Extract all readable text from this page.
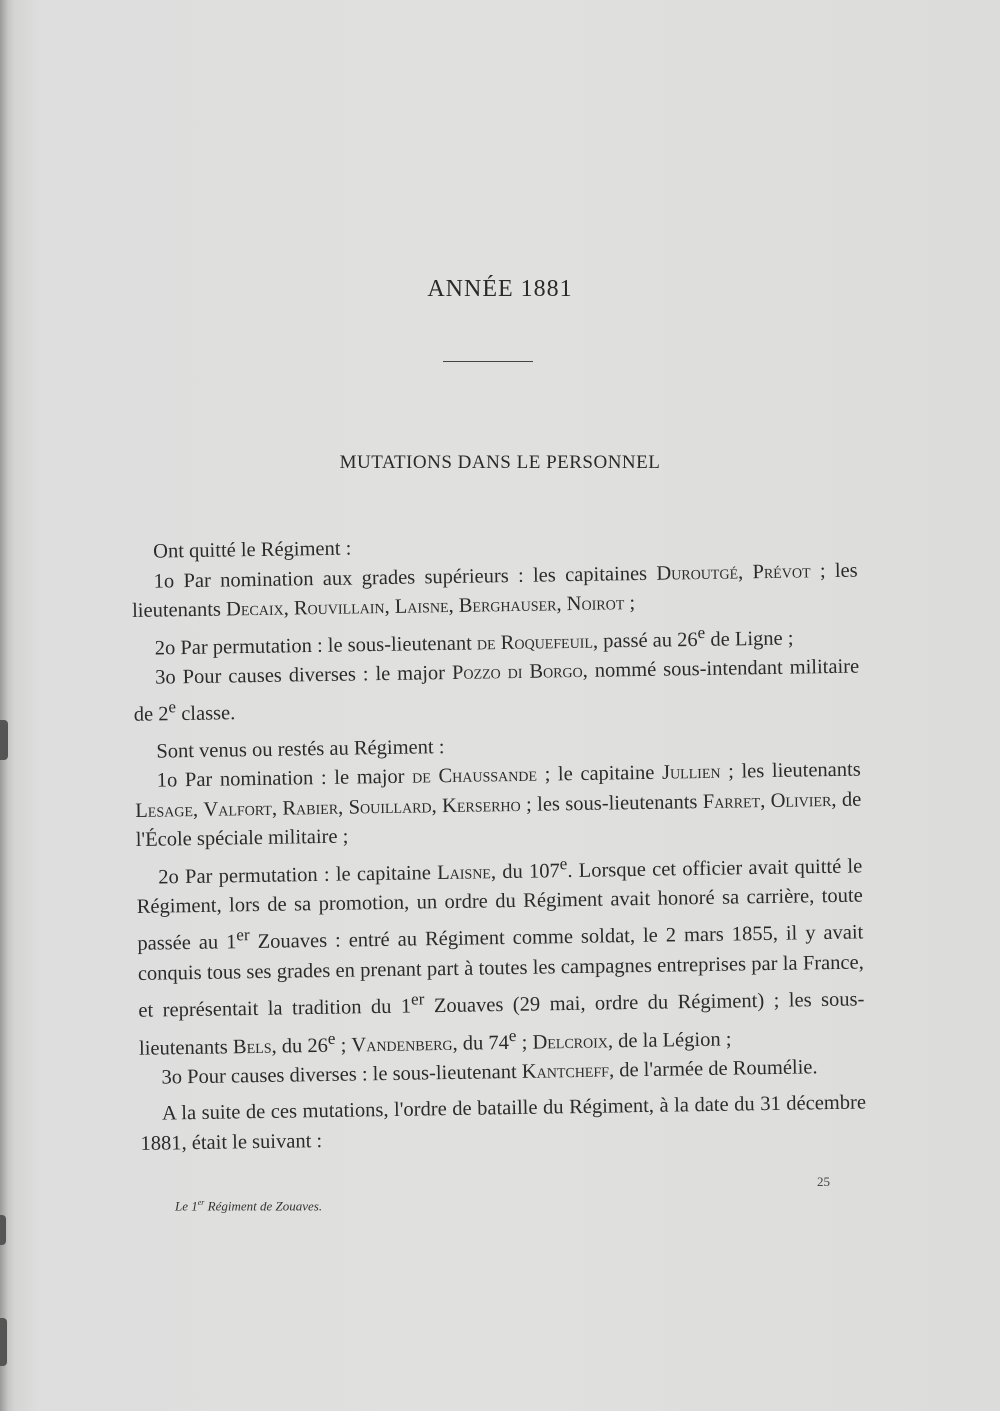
ANNÉE 1881
MUTATIONS DANS LE PERSONNEL

Ont quitté le Régiment :

1o Par nomination aux grades supérieurs : les capitaines Duroutgé, Prévot ; les lieutenants Decaix, Rouvillain, Laisne, Berghauser, Noirot ;

2o Par permutation : le sous-lieutenant de Roquefeuil, passé au 26e de Ligne ;

3o Pour causes diverses : le major Pozzo di Borgo, nommé sous-intendant militaire de 2e classe.

Sont venus ou restés au Régiment :

1o Par nomination : le major de Chaussande ; le capitaine Jullien ; les lieutenants Lesage, Valfort, Rabier, Souillard, Kerserho ; les sous-lieutenants Farret, Olivier, de l'École spéciale militaire ;

2o Par permutation : le capitaine Laisne, du 107e. Lorsque cet officier avait quitté le Régiment, lors de sa promotion, un ordre du Régiment avait honoré sa carrière, toute passée au 1er Zouaves : entré au Régiment comme soldat, le 2 mars 1855, il y avait conquis tous ses grades en prenant part à toutes les campagnes entreprises par la France, et représentait la tradition du 1er Zouaves (29 mai, ordre du Régiment) ; les sous-lieutenants Bels, du 26e ; Vandenberg, du 74e ; Delcroix, de la Légion ;

3o Pour causes diverses : le sous-lieutenant Kantcheff, de l'armée de Roumélie.

A la suite de ces mutations, l'ordre de bataille du Régiment, à la date du 31 décembre 1881, était le suivant :

25
Le 1er Régiment de Zouaves.
